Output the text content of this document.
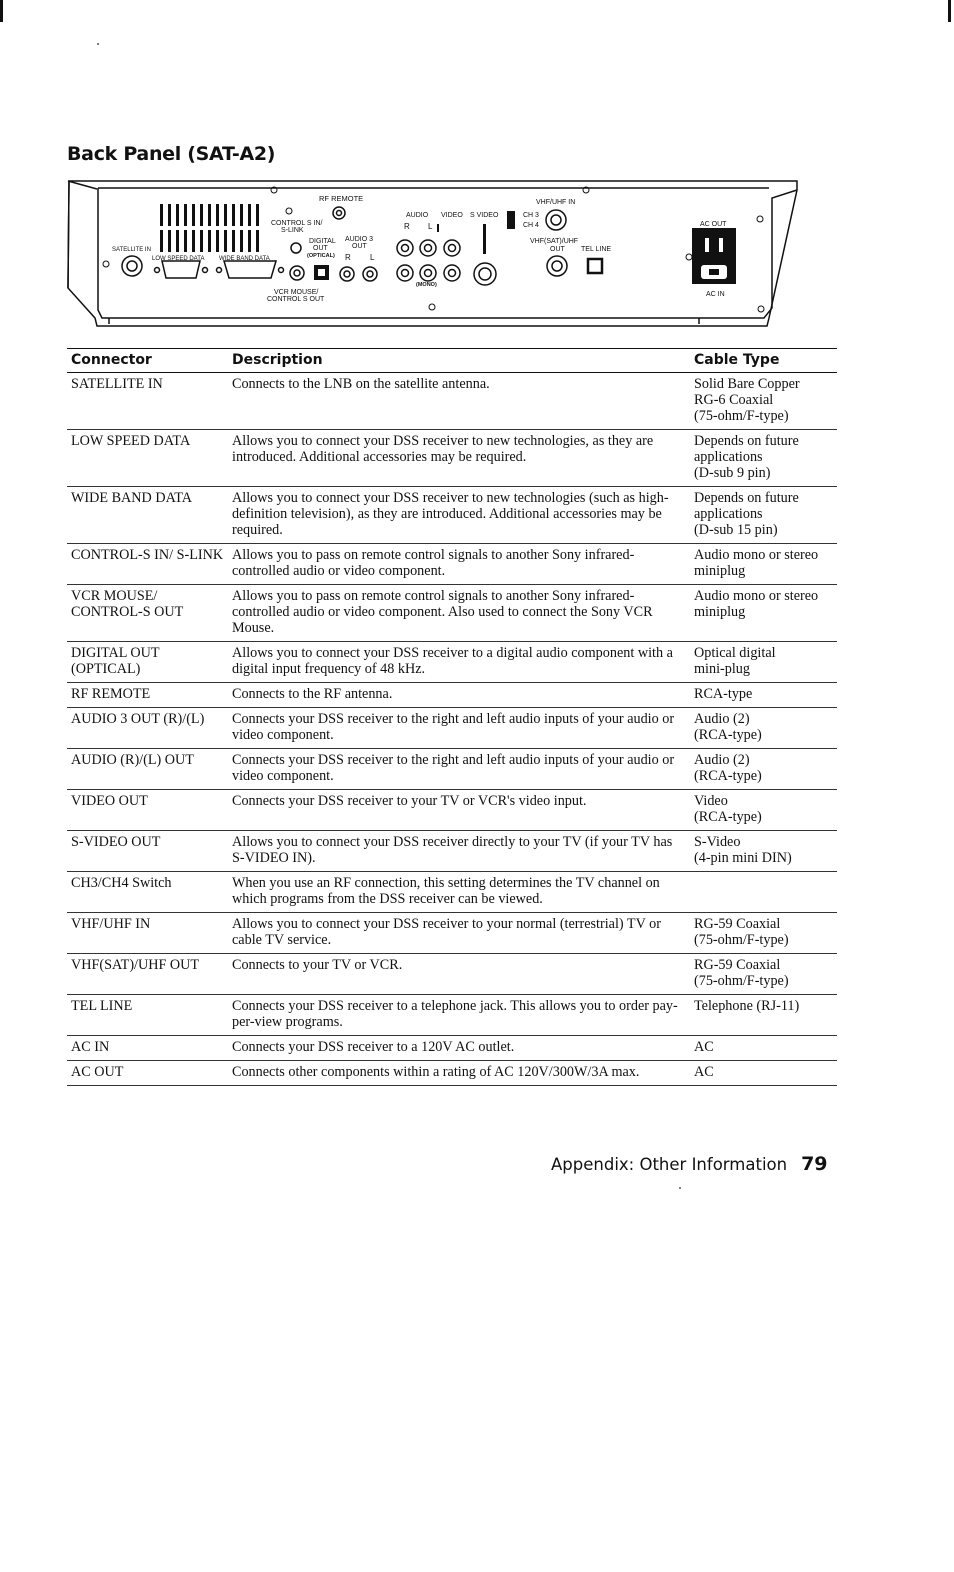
Back Panel (SAT-A2)
RF REMOTE	VHF/UHF IN
CONTROL S IN/
S-LINK
AUDIO VIDEO S VIDEO	CH 3
CH 4	AC OUT
DIGITAL
OUT
(OPTICAL)
AUDIO 3
OUT
R L
R L
VHF(SAT)/UHF
OUT TEL LINE
SATELLITE IN
LOW SPEED DATA WIDE BAND DATA
VCR MOUSE/
CONTROL S OUT
(MONO)
AC IN
Connector	Description	Cable Type
SATELLITE IN	Connects to the LNB on the satellite antenna.	Solid Bare Copper
RG-6 Coaxial
(75-ohm/F-type)
LOW SPEED DATA	Allows you to connect your DSS receiver to new technologies, as they are introduced. Additional accessories may be required.	Depends on future
applications
(D-sub 9 pin)
WIDE BAND DATA	Allows you to connect your DSS receiver to new technologies (such as high-definition television), as they are introduced. Additional accessories may be required.	Depends on future
applications
(D-sub 15 pin)
CONTROL-S IN/ S-LINK	Allows you to pass on remote control signals to another Sony infrared-controlled audio or video component.	Audio mono or stereo
miniplug
VCR MOUSE/ CONTROL-S OUT	Allows you to pass on remote control signals to another Sony infrared-controlled audio or video component. Also used to connect the Sony VCR Mouse.	Audio mono or stereo
miniplug
DIGITAL OUT (OPTICAL)	Allows you to connect your DSS receiver to a digital audio component with a digital input frequency of 48 kHz.	Optical digital
mini-plug
RF REMOTE	Connects to the RF antenna.	RCA-type
AUDIO 3 OUT (R)/(L)	Connects your DSS receiver to the right and left audio inputs of your audio or video component.	Audio (2)
(RCA-type)
AUDIO (R)/(L) OUT	Connects your DSS receiver to the right and left audio inputs of your audio or video component.	Audio (2)
(RCA-type)
VIDEO OUT	Connects your DSS receiver to your TV or VCR's video input.	Video
(RCA-type)
S-VIDEO OUT	Allows you to connect your DSS receiver directly to your TV (if your TV has S-VIDEO IN).	S-Video
(4-pin mini DIN)
CH3/CH4 Switch	When you use an RF connection, this setting determines the TV channel on which programs from the DSS receiver can be viewed.	
VHF/UHF IN	Allows you to connect your DSS receiver to your normal (terrestrial) TV or cable TV service.	RG-59 Coaxial
(75-ohm/F-type)
VHF(SAT)/UHF OUT	Connects to your TV or VCR.	RG-59 Coaxial
(75-ohm/F-type)
TEL LINE	Connects your DSS receiver to a telephone jack. This allows you to order pay-per-view programs.	Telephone (RJ-11)
AC IN	Connects your DSS receiver to a 120V AC outlet.	AC
AC OUT	Connects other components within a rating of AC 120V/300W/3A max.	AC
Appendix: Other Information 79
